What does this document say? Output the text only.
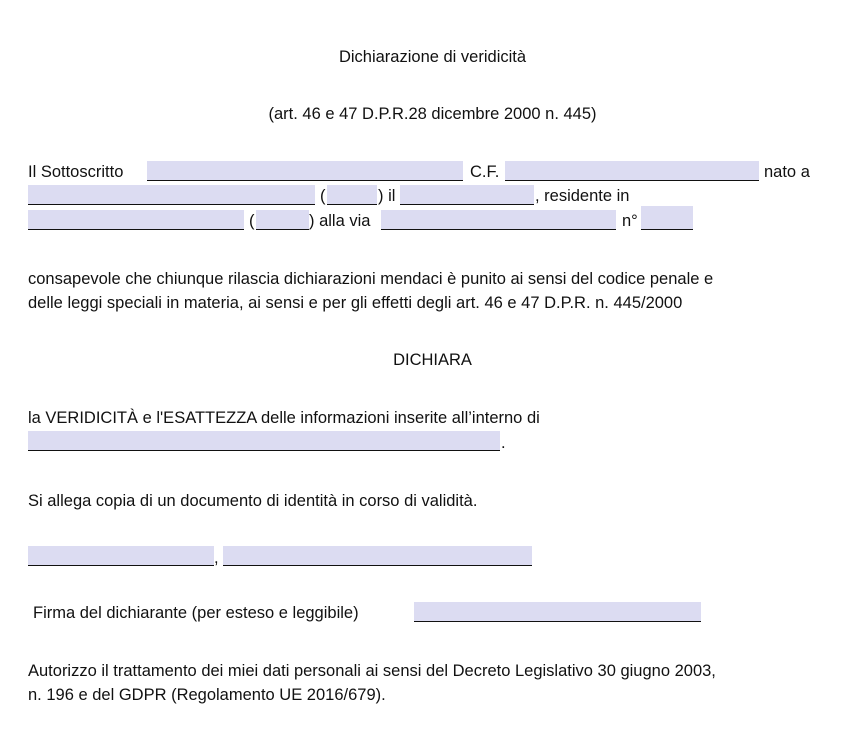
Dichiarazione di veridicità
(art. 46 e 47 D.P.R.28 dicembre 2000 n. 445)
Il Sottoscritto	C.F.	nato a
(	) il	, residente in
(	) alla via	n°
consapevole che chiunque rilascia dichiarazioni mendaci è punito ai sensi del codice penale e
delle leggi speciali in materia, ai sensi e per gli effetti degli art. 46 e 47 D.P.R. n. 445/2000
DICHIARA
la VERIDICITÀ e l'ESATTEZZA delle informazioni inserite all’interno di
.
Si allega copia di un documento di identità in corso di validità.
,
Firma del dichiarante (per esteso e leggibile)
Autorizzo il trattamento dei miei dati personali ai sensi del Decreto Legislativo 30 giugno 2003,
n. 196 e del GDPR (Regolamento UE 2016/679).
